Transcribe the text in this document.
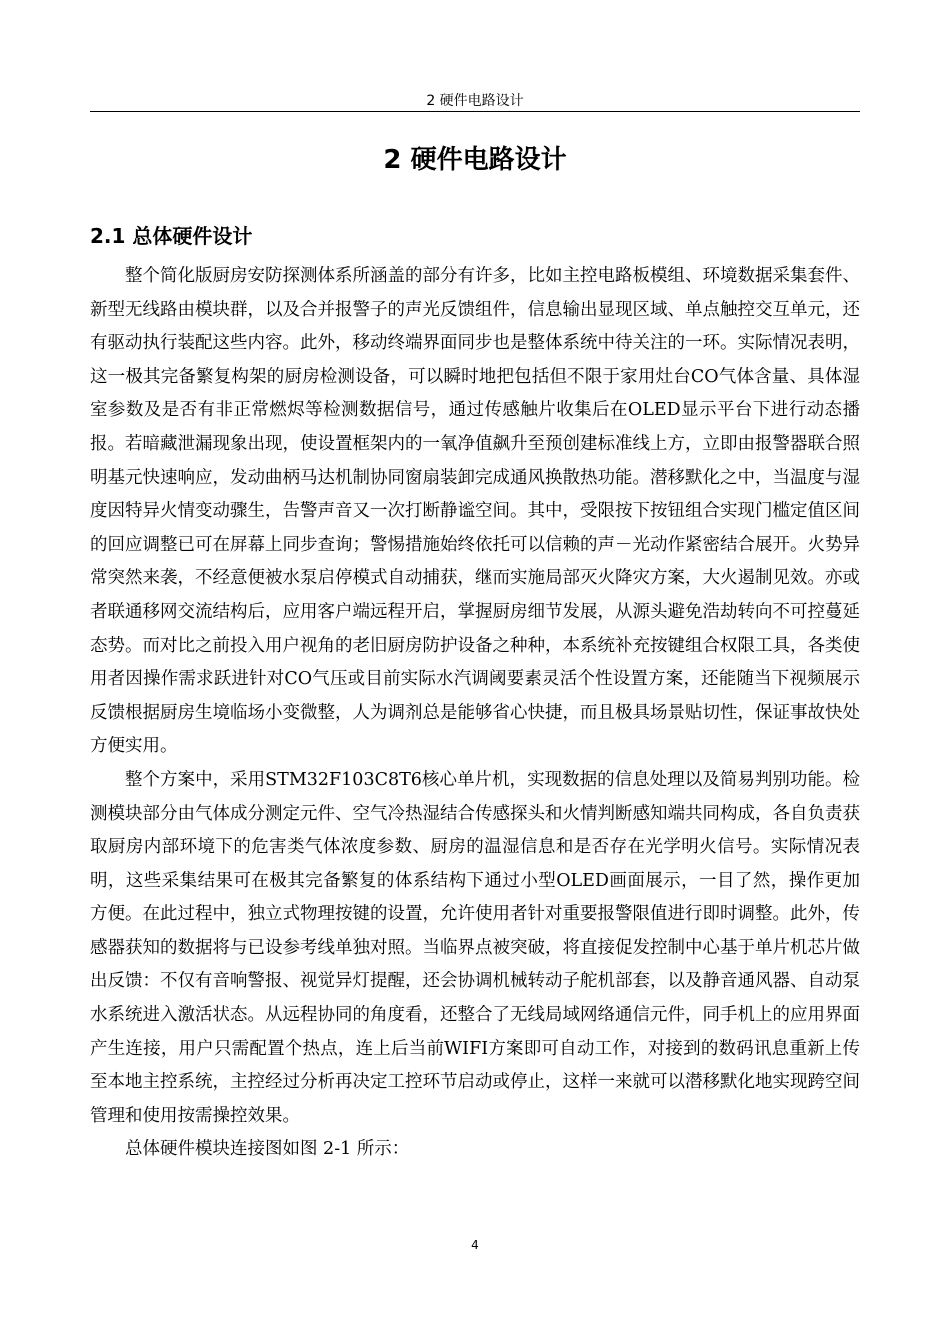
2 硬件电路设计
2 硬件电路设计
2.1 总体硬件设计

整个简化版厨房安防探测体系所涵盖的部分有许多，比如主控电路板模组、环境数据采集套件、新型无线路由模块群，以及合并报警子的声光反馈组件，信息输出显现区域、单点触控交互单元，还有驱动执行装配这些内容。此外，移动终端界面同步也是整体系统中待关注的一环。实际情况表明，这一极其完备繁复构架的厨房检测设备，可以瞬时地把包括但不限于家用灶台CO气体含量、具体湿室参数及是否有非正常燃烬等检测数据信号，通过传感触片收集后在OLED显示平台下进行动态播报。若暗藏泄漏现象出现，使设置框架内的一氧净值飙升至预创建标准线上方，立即由报警器联合照明基元快速响应，发动曲柄马达机制协同窗扇装卸完成通风换散热功能。潜移默化之中，当温度与湿度因特异火情变动骤生，告警声音又一次打断静谧空间。其中，受限按下按钮组合实现门槛定值区间的回应调整已可在屏幕上同步查询；警惕措施始终依托可以信赖的声－光动作紧密结合展开。火势异常突然来袭，不经意便被水泵启停模式自动捕获，继而实施局部灭火降灾方案，大火遏制见效。亦或者联通移网交流结构后，应用客户端远程开启，掌握厨房细节发展，从源头避免浩劫转向不可控蔓延态势。而对比之前投入用户视角的老旧厨房防护设备之种种，本系统补充按键组合权限工具，各类使用者因操作需求跃进针对CO气压或目前实际水汽调阈要素灵活个性设置方案，还能随当下视频展示反馈根据厨房生境临场小变微整，人为调剂总是能够省心快捷，而且极具场景贴切性，保证事故快处方便实用。

整个方案中，采用STM32F103C8T6核心单片机，实现数据的信息处理以及简易判别功能。检测模块部分由气体成分测定元件、空气冷热湿结合传感探头和火情判断感知端共同构成，各自负责获取厨房内部环境下的危害类气体浓度参数、厨房的温湿信息和是否存在光学明火信号。实际情况表明，这些采集结果可在极其完备繁复的体系结构下通过小型OLED画面展示，一目了然，操作更加方便。在此过程中，独立式物理按键的设置，允许使用者针对重要报警限值进行即时调整。此外，传感器获知的数据将与已设参考线单独对照。当临界点被突破，将直接促发控制中心基于单片机芯片做出反馈：不仅有音响警报、视觉异灯提醒，还会协调机械转动子舵机部套，以及静音通风器、自动泵水系统进入激活状态。从远程协同的角度看，还整合了无线局域网络通信元件，同手机上的应用界面产生连接，用户只需配置个热点，连上后当前WIFI方案即可自动工作，对接到的数码讯息重新上传至本地主控系统，主控经过分析再决定工控环节启动或停止，这样一来就可以潜移默化地实现跨空间管理和使用按需操控效果。

总体硬件模块连接图如图 2-1 所示：

4
